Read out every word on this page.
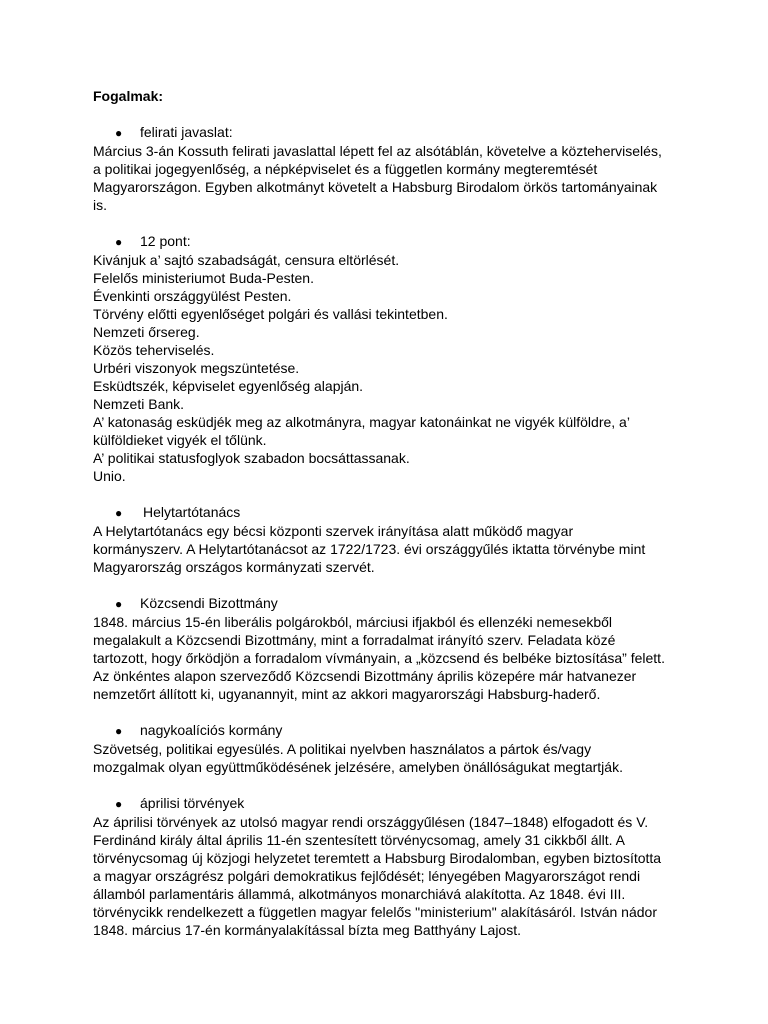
Fogalmak:
●	felirati javaslat:
Március 3-án Kossuth felirati javaslattal lépett fel az alsótáblán, követelve a közteherviselés,
a politikai jogegyenlőség, a népképviselet és a független kormány megteremtését
Magyarországon. Egyben alkotmányt követelt a Habsburg Birodalom örkös tartományainak
is.
●	12 pont:
Kivánjuk a’ sajtó szabadságát, censura eltörlését.
Felelős ministeriumot Buda-Pesten.
Évenkinti országgyülést Pesten.
Törvény előtti egyenlőséget polgári és vallási tekintetben.
Nemzeti őrsereg.
Közös teherviselés.
Urbéri viszonyok megszüntetése.
Esküdtszék, képviselet egyenlőség alapján.
Nemzeti Bank.
A’ katonaság esküdjék meg az alkotmányra, magyar katonáinkat ne vigyék külföldre, a’
külföldieket vigyék el tőlünk.
A’ politikai statusfoglyok szabadon bocsáttassanak.
Unio.
●	Helytartótanács
A Helytartótanács egy bécsi központi szervek irányítása alatt működő magyar
kormányszerv. A Helytartótanácsot az 1722/1723. évi országgyűlés iktatta törvénybe mint
Magyarország országos kormányzati szervét.
●	Közcsendi Bizottmány
1848. március 15-én liberális polgárokból, márciusi ifjakból és ellenzéki nemesekből
megalakult a Közcsendi Bizottmány, mint a forradalmat irányító szerv. Feladata közé
tartozott, hogy őrködjön a forradalom vívmányain, a „közcsend és belbéke biztosítása” felett.
Az önkéntes alapon szerveződő Közcsendi Bizottmány április közepére már hatvanezer
nemzetőrt állított ki, ugyanannyit, mint az akkori magyarországi Habsburg-haderő.
●	nagykoalíciós kormány
Szövetség, politikai egyesülés. A politikai nyelvben használatos a pártok és/vagy
mozgalmak olyan együttműködésének jelzésére, amelyben önállóságukat megtartják.
●	áprilisi törvények
Az áprilisi törvények az utolsó magyar rendi országgyűlésen (1847–1848) elfogadott és V.
Ferdinánd király által április 11-én szentesített törvénycsomag, amely 31 cikkből állt. A
törvénycsomag új közjogi helyzetet teremtett a Habsburg Birodalomban, egyben biztosította
a magyar országrész polgári demokratikus fejlődését; lényegében Magyarországot rendi
államból parlamentáris állammá, alkotmányos monarchiává alakította. Az 1848. évi III.
törvénycikk rendelkezett a független magyar felelős "ministerium" alakításáról. István nádor
1848. március 17-én kormányalakítással bízta meg Batthyány Lajost.
